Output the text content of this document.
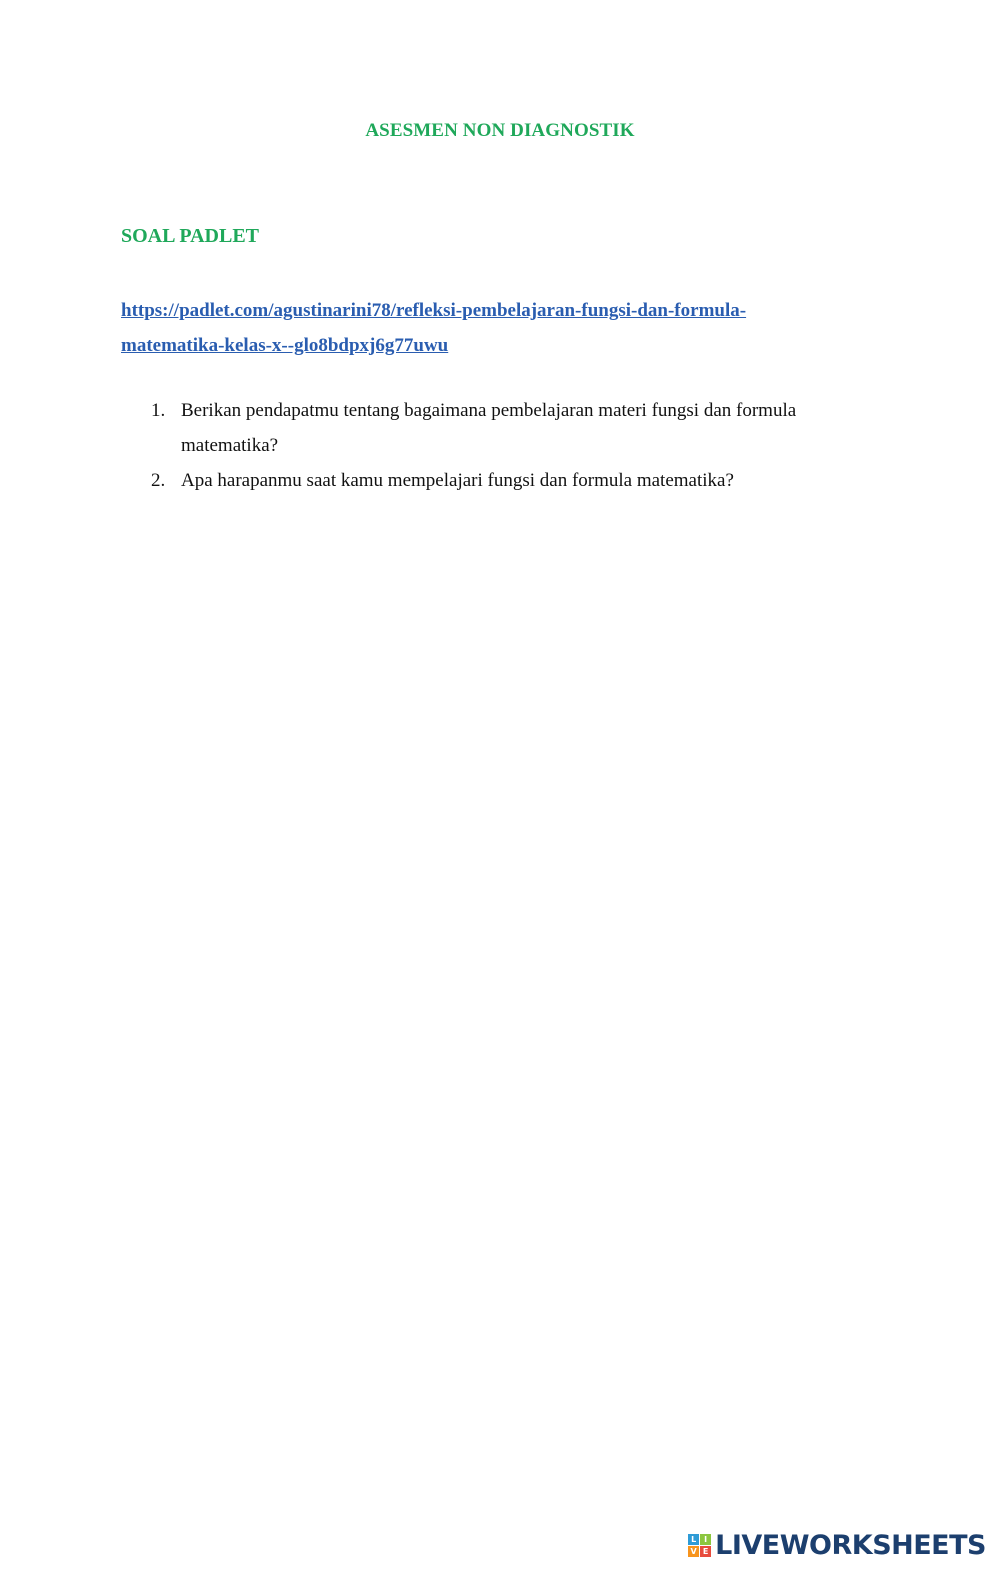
ASESMEN NON DIAGNOSTIK
SOAL PADLET
https://padlet.com/agustinarini78/refleksi-pembelajaran-fungsi-dan-formula-
matematika-kelas-x--glo8bdpxj6g77uwu
1. Berikan pendapatmu tentang bagaimana pembelajaran materi fungsi dan formula
matematika?
2. Apa harapanmu saat kamu mempelajari fungsi dan formula matematika?
L I
V E LIVEWORKSHEETS
